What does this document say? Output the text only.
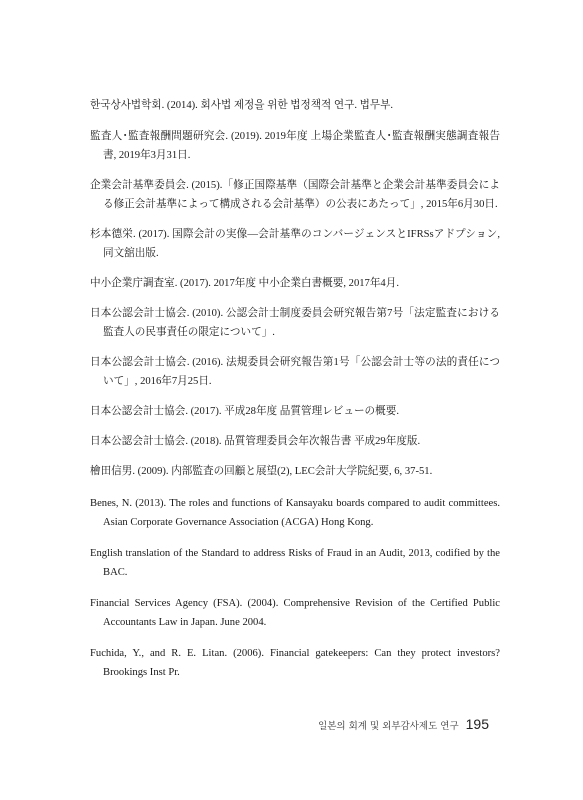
한국상사법학회. (2014). 회사법 제정을 위한 법정책적 연구. 법무부.
監査人･監査報酬問題研究会. (2019). 2019年度 上場企業監査人･監査報酬実態調査報告書, 2019年3月31日.
企業会計基準委員会. (2015).「修正国際基準（国際会計基準と企業会計基準委員会による修正会計基準によって構成される会計基準）の公表にあたって」, 2015年6月30日.
杉本德栄. (2017). 国際会計の実像―会計基準のコンバージェンスとIFRSsアドプション, 同文舘出版.
中小企業庁調査室. (2017). 2017年度 中小企業白書概要, 2017年4月.
日本公認会計士協会. (2010). 公認会計士制度委員会研究報告第7号「法定監査における監査人の民事責任の限定について」.
日本公認会計士協会. (2016). 法規委員会研究報告第1号「公認会計士等の法的責任について」, 2016年7月25日.
日本公認会計士協会. (2017). 平成28年度 品質管理レビューの概要.
日本公認会計士協会. (2018). 品質管理委員会年次報告書 平成29年度版.
檜田信男. (2009). 内部監査の回顧と展望(2), LEC会計大学院紀要, 6, 37-51.
Benes, N. (2013). The roles and functions of Kansayaku boards compared to audit committees. Asian Corporate Governance Association (ACGA) Hong Kong.
English translation of the Standard to address Risks of Fraud in an Audit, 2013, codified by the BAC.
Financial Services Agency (FSA). (2004). Comprehensive Revision of the Certified Public Accountants Law in Japan. June 2004.
Fuchida, Y., and R. E. Litan. (2006). Financial gatekeepers: Can they protect investors? Brookings Inst Pr.
일본의 회계 및 외부감사제도 연구 195
